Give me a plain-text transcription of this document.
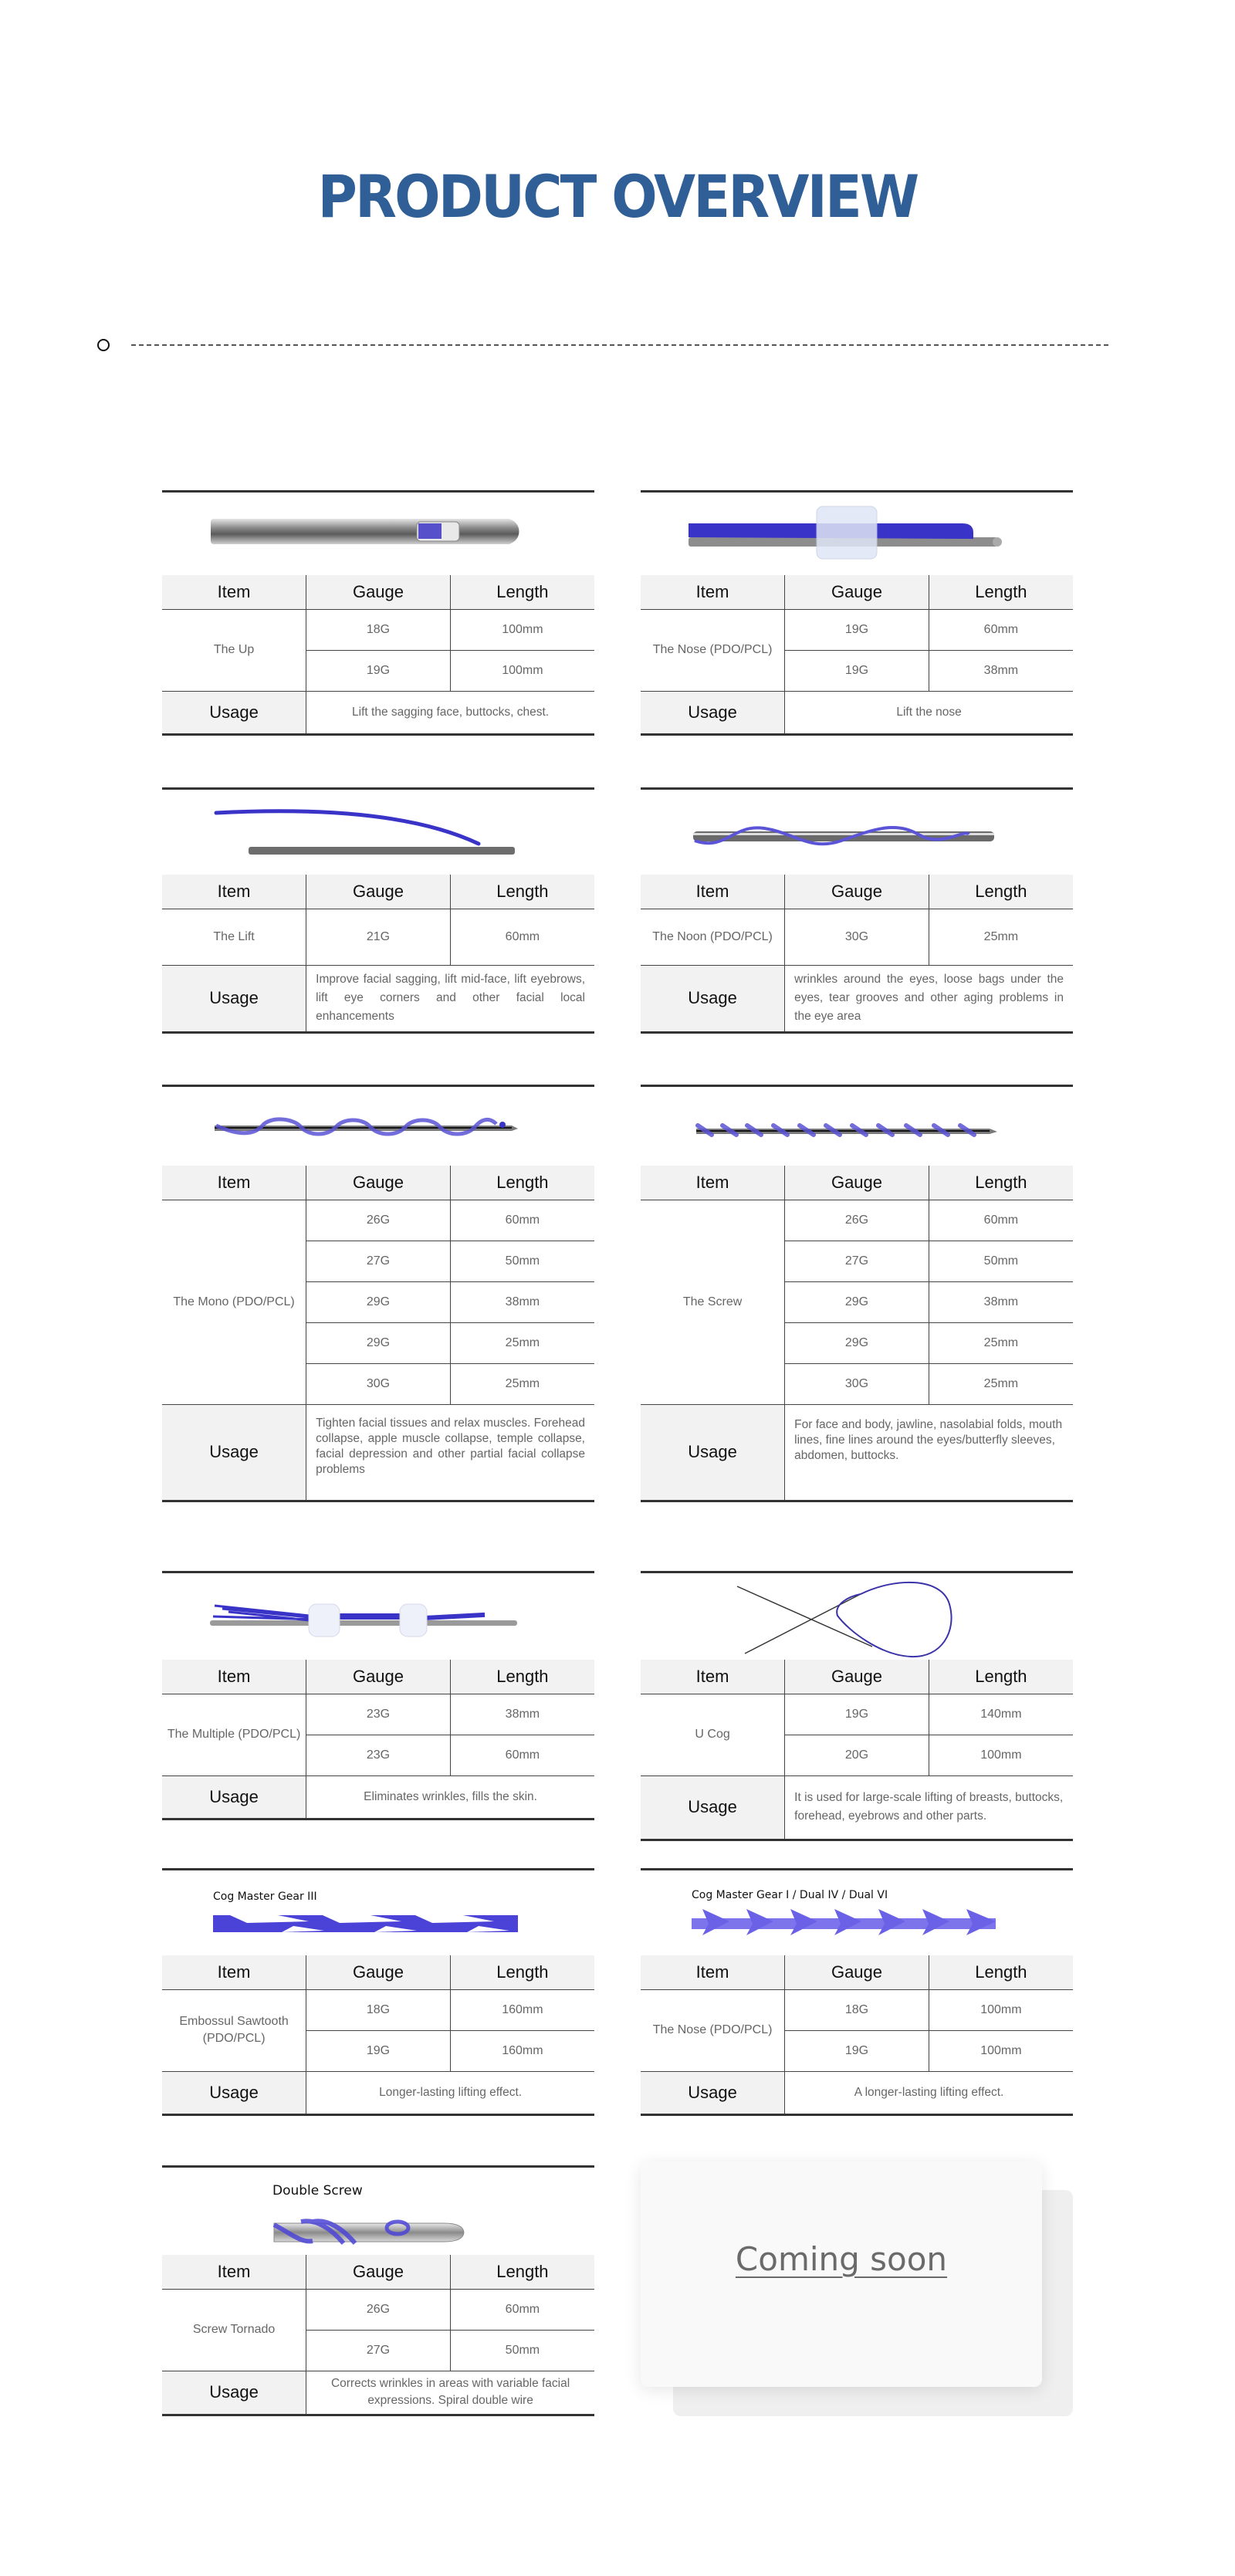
PRODUCT OVERVIEW
Item	Gauge	Length
The Up	18G	100mm
	19G	100mm
Usage	Lift the sagging face, buttocks, chest.	
Item	Gauge	Length
The Nose (PDO/PCL)	19G	60mm
	19G	38mm
Usage	Lift the nose	
Item	Gauge	Length
The Lift	21G	60mm
Usage	Improve facial sagging, lift mid-face, lift eyebrows, lift eye corners and other facial local enhancements	
Item	Gauge	Length
The Noon (PDO/PCL)	30G	25mm
Usage	wrinkles around the eyes, loose bags under the eyes, tear grooves and other aging problems in the eye area	
Item	Gauge	Length
The Mono (PDO/PCL)	26G	60mm
	27G	50mm
	29G	38mm
	29G	25mm
	30G	25mm
Usage	Tighten facial tissues and relax muscles. Forehead collapse, apple muscle collapse, temple collapse, facial depression and other partial facial collapse problems	
Item	Gauge	Length
The Screw	26G	60mm
	27G	50mm
	29G	38mm
	29G	25mm
	30G	25mm
Usage	For face and body, jawline, nasolabial folds, mouth lines, fine lines around the eyes/butterfly sleeves, abdomen, buttocks.	
Item	Gauge	Length
The Multiple (PDO/PCL)	23G	38mm
	23G	60mm
Usage	Eliminates wrinkles, fills the skin.	
Item	Gauge	Length
U Cog	19G	140mm
	20G	100mm
Usage	It is used for large-scale lifting of breasts, buttocks, forehead, eyebrows and other parts.	
Cog Master Gear III
Item	Gauge	Length
Embossul Sawtooth (PDO/PCL)	18G	160mm
	19G	160mm
Usage	Longer-lasting lifting effect.	
Cog Master Gear I / Dual IV / Dual VI
Item	Gauge	Length
The Nose (PDO/PCL)	18G	100mm
	19G	100mm
Usage	A longer-lasting lifting effect.	
Double Screw
Item	Gauge	Length
Screw Tornado	26G	60mm
	27G	50mm
Usage	Corrects wrinkles in areas with variable facial expressions. Spiral double wire	
Coming soon
